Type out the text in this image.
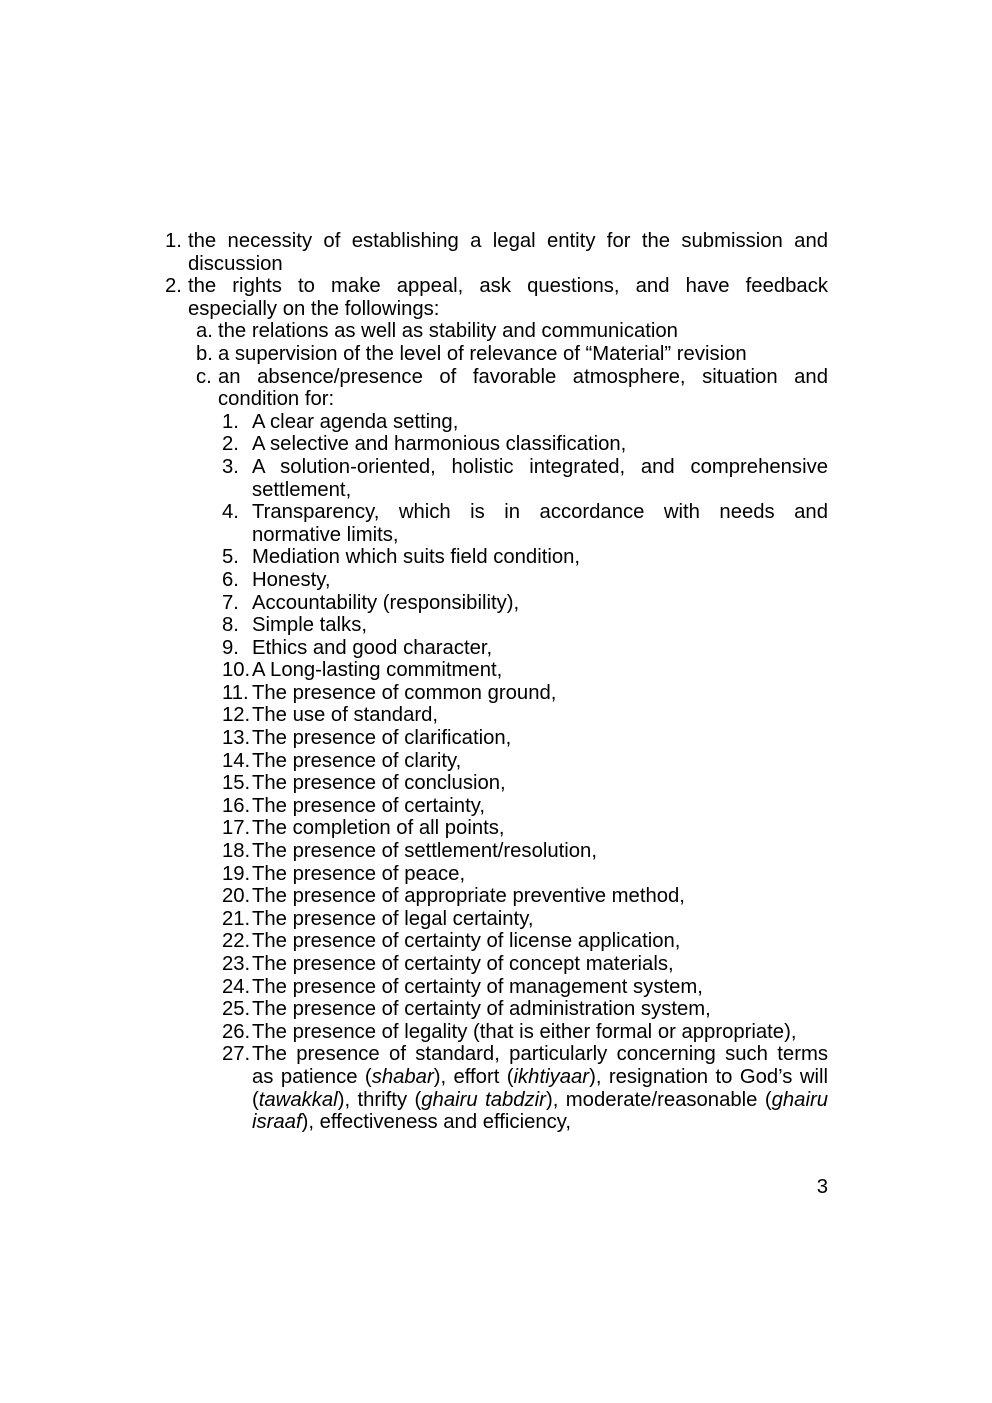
1. the necessity of establishing a legal entity for the submission and
discussion
2. the rights to make appeal, ask questions, and have feedback
especially on the followings:
a. the relations as well as stability and communication
b. a supervision of the level of relevance of “Material” revision
c. an absence/presence of favorable atmosphere, situation and
condition for:
1. A clear agenda setting,
2. A selective and harmonious classification,
3. A solution-oriented, holistic integrated, and comprehensive
settlement,
4. Transparency, which is in accordance with needs and
normative limits,
5. Mediation which suits field condition,
6. Honesty,
7. Accountability (responsibility),
8. Simple talks,
9. Ethics and good character,
10. A Long-lasting commitment,
11. The presence of common ground,
12. The use of standard,
13. The presence of clarification,
14. The presence of clarity,
15. The presence of conclusion,
16. The presence of certainty,
17. The completion of all points,
18. The presence of settlement/resolution,
19. The presence of peace,
20. The presence of appropriate preventive method,
21. The presence of legal certainty,
22. The presence of certainty of license application,
23. The presence of certainty of concept materials,
24. The presence of certainty of management system,
25. The presence of certainty of administration system,
26. The presence of legality (that is either formal or appropriate),
27. The presence of standard, particularly concerning such terms
as patience (shabar), effort (ikhtiyaar), resignation to God’s will
(tawakkal), thrifty (ghairu tabdzir), moderate/reasonable (ghairu
israaf), effectiveness and efficiency,
3
